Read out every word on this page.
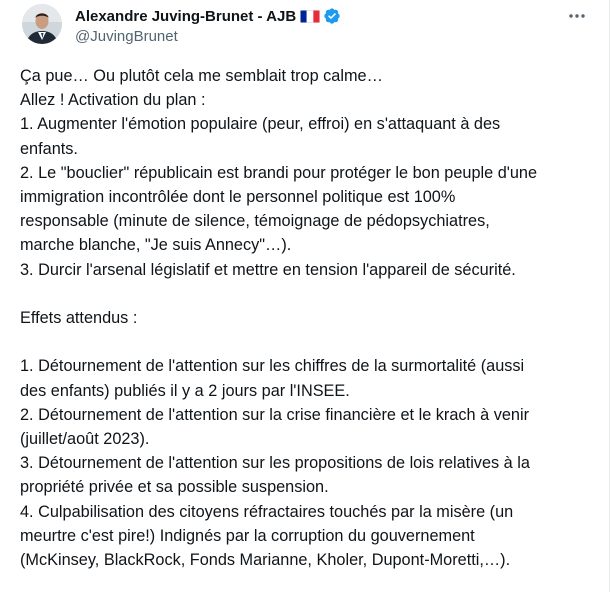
Alexandre Juving-Brunet - AJB
@JuvingBrunet
Ça pue… Ou plutôt cela me semblait trop calme…
Allez ! Activation du plan :
1. Augmenter l'émotion populaire (peur, effroi) en s'attaquant à des
enfants.
2. Le "bouclier" républicain est brandi pour protéger le bon peuple d'une
immigration incontrôlée dont le personnel politique est 100%
responsable (minute de silence, témoignage de pédopsychiatres,
marche blanche, "Je suis Annecy"…).
3. Durcir l'arsenal législatif et mettre en tension l'appareil de sécurité.
Effets attendus :
1. Détournement de l'attention sur les chiffres de la surmortalité (aussi
des enfants) publiés il y a 2 jours par l'INSEE.
2. Détournement de l'attention sur la crise financière et le krach à venir
(juillet/août 2023).
3. Détournement de l'attention sur les propositions de lois relatives à la
propriété privée et sa possible suspension.
4. Culpabilisation des citoyens réfractaires touchés par la misère (un
meurtre c'est pire!) Indignés par la corruption du gouvernement
(McKinsey, BlackRock, Fonds Marianne, Kholer, Dupont-Moretti,…).
